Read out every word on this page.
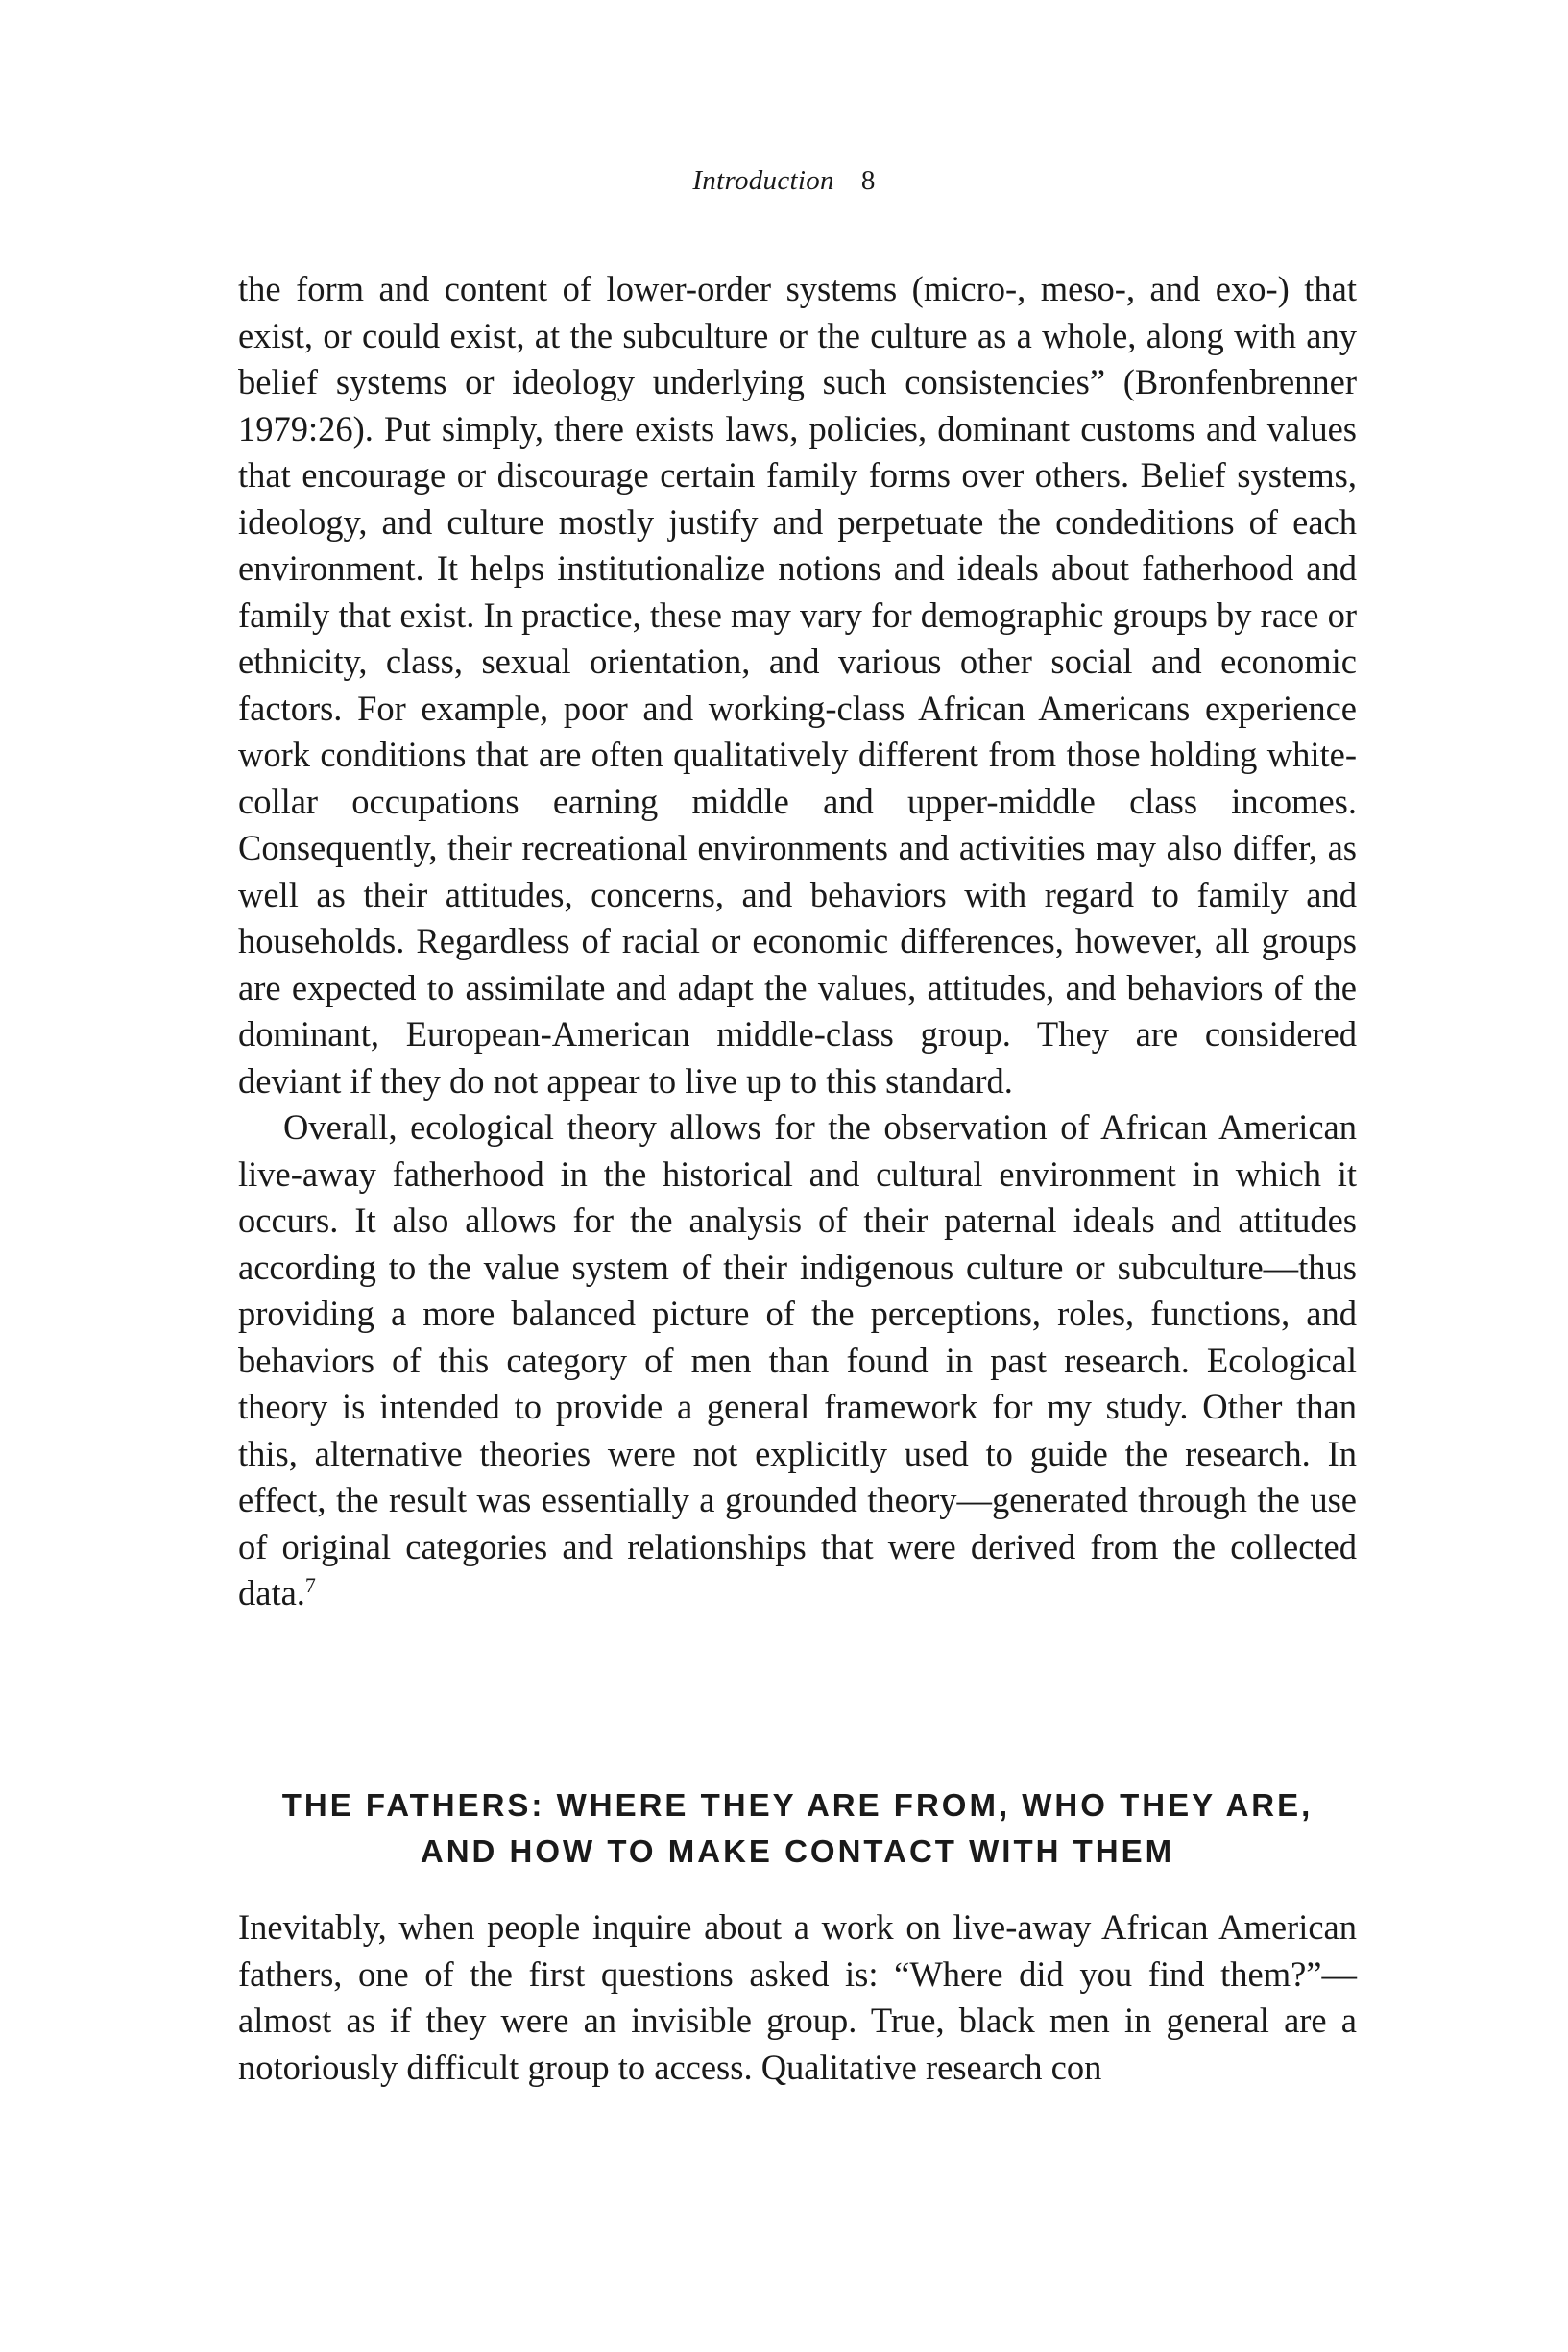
Introduction 8

the form and content of lower-order systems (micro-, meso-, and exo-) that exist, or could exist, at the subculture or the culture as a whole, along with any belief systems or ideology underlying such consistencies” (Bronfenbrenner 1979:26). Put simply, there exists laws, policies, dominant customs and values that encourage or discourage certain family forms over others. Belief systems, ideology, and culture mostly justify and perpetuate the condeditions of each environment. It helps institutionalize notions and ideals about fatherhood and family that exist. In practice, these may vary for demographic groups by race or ethnicity, class, sexual orientation, and various other social and economic factors. For example, poor and working-class African Americans experience work conditions that are often qualitatively different from those holding white-collar occupations earning middle and upper-middle class incomes. Consequently, their recreational environments and activities may also differ, as well as their attitudes, concerns, and behaviors with regard to family and households. Regardless of racial or economic differences, however, all groups are expected to assimilate and adapt the values, attitudes, and behaviors of the dominant, European-American middle-class group. They are considered deviant if they do not appear to live up to this standard.

Overall, ecological theory allows for the observation of African American live-away fatherhood in the historical and cultural environment in which it occurs. It also allows for the analysis of their paternal ideals and attitudes according to the value system of their indigenous culture or subculture—thus providing a more balanced picture of the perceptions, roles, functions, and behaviors of this category of men than found in past research. Ecological theory is intended to provide a general framework for my study. Other than this, alternative theories were not explicitly used to guide the research. In effect, the result was essentially a grounded theory—generated through the use of original categories and relationships that were derived from the collected data.$^7$

THE FATHERS: WHERE THEY ARE FROM, WHO THEY ARE,
AND HOW TO MAKE CONTACT WITH THEM

Inevitably, when people inquire about a work on live-away African American fathers, one of the first questions asked is: “Where did you find them?”—almost as if they were an invisible group. True, black men in general are a notoriously difficult group to access. Qualitative research con
